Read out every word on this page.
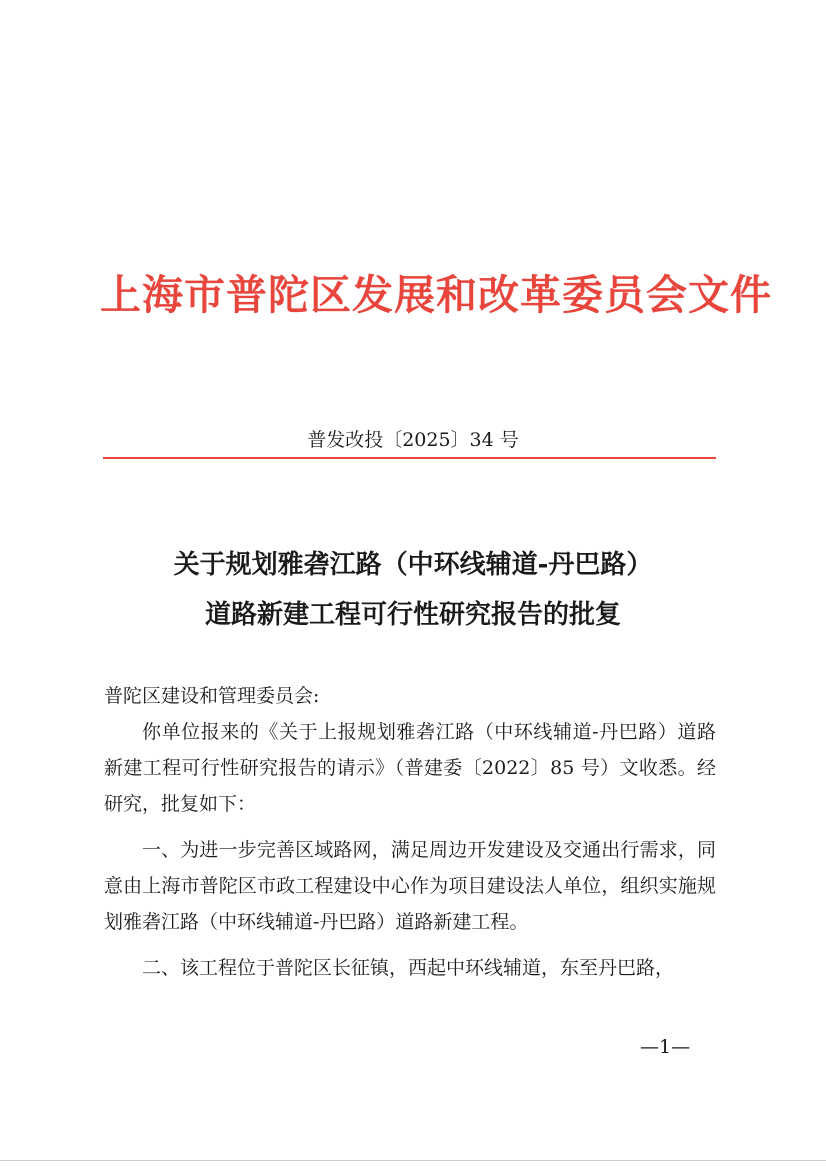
上海市普陀区发展和改革委员会文件
普发改投〔2025〕34 号
关于规划雅砻江路（中环线辅道-丹巴路）
道路新建工程可行性研究报告的批复

普陀区建设和管理委员会:

你单位报来的《关于上报规划雅砻江路（中环线辅道-丹巴路）道路新建工程可行性研究报告的请示》（普建委〔2022〕85 号）文收悉。经研究，批复如下：

一、为进一步完善区域路网，满足周边开发建设及交通出行需求，同意由上海市普陀区市政工程建设中心作为项目建设法人单位，组织实施规划雅砻江路（中环线辅道-丹巴路）道路新建工程。

二、该工程位于普陀区长征镇，西起中环线辅道，东至丹巴路，

—1—
